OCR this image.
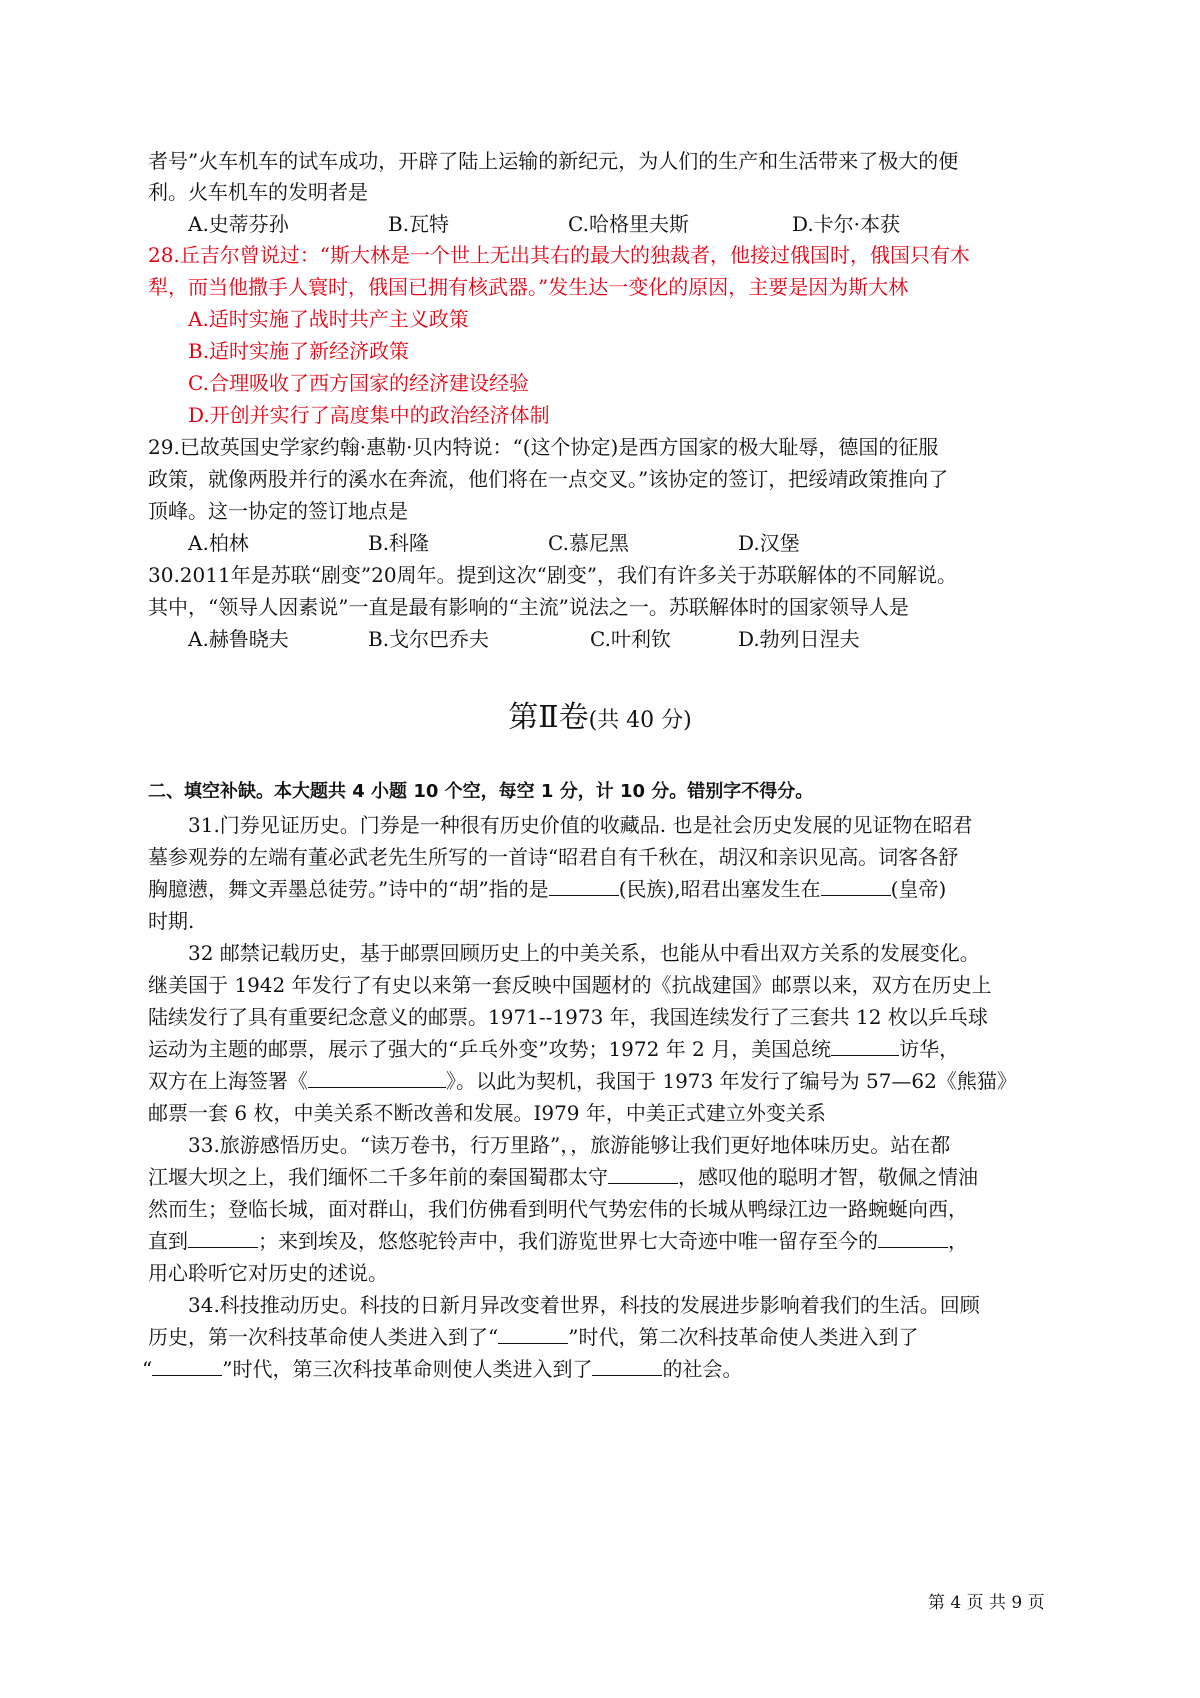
者号”火车机车的试车成功，开辟了陆上运输的新纪元，为人们的生产和生活带来了极大的便
利。火车机车的发明者是
A.史蒂芬孙	B.瓦特	C.哈格里夫斯	D.卡尔·本获
28.丘吉尔曾说过：“斯大林是一个世上无出其右的最大的独裁者，他接过俄国时，俄国只有木
犁，而当他撒手人寰时，俄国已拥有核武器。”发生达一变化的原因，主要是因为斯大林
A.适时实施了战时共产主义政策
B.适时实施了新经济政策
C.合理吸收了西方国家的经济建设经验
D.开创并实行了高度集中的政治经济体制
29.已故英国史学家约翰·惠勒·贝内特说：“(这个协定)是西方国家的极大耻辱，德国的征服
政策，就像两股并行的溪水在奔流，他们将在一点交叉。”该协定的签订，把绥靖政策推向了
顶峰。这一协定的签订地点是
A.柏林	B.科隆	C.慕尼黑	D.汉堡
30.2011年是苏联“剧变”20周年。提到这次“剧变”，我们有许多关于苏联解体的不同解说。
其中，“领导人因素说”一直是最有影响的“主流”说法之一。苏联解体时的国家领导人是
A.赫鲁晓夫	B.戈尔巴乔夫	C.叶利钦	D.勃列日涅夫
第Ⅱ卷(共 40 分)
二、填空补缺。本大题共 4 小题 10 个空，每空 1 分，计 10 分。错别字不得分。
31.门券见证历史。门券是一种很有历史价值的收藏品. 也是社会历史发展的见证物在昭君
墓参观券的左端有董必武老先生所写的一首诗“昭君自有千秋在，胡汉和亲识见高。词客各舒
胸臆懑，舞文弄墨总徒劳。”诗中的“胡”指的是	(民族),昭君出塞发生在	(皇帝)
时期.
32 邮禁记载历史，基于邮票回顾历史上的中美关系，也能从中看出双方关系的发展变化。
继美国于 1942 年发行了有史以来第一套反映中国题材的《抗战建国》邮票以来，双方在历史上
陆续发行了具有重要纪念意义的邮票。1971--1973 年，我国连续发行了三套共 12 枚以乒乓球
运动为主题的邮票，展示了强大的“乒乓外变”攻势；1972 年 2 月，美国总统	访华，
双方在上海签署《	》。以此为契机，我国于 1973 年发行了编号为 57—62《熊猫》
邮票一套 6 枚，中美关系不断改善和发展。I979 年，中美正式建立外变关系
33.旅游感悟历史。“读万卷书，行万里路”，，旅游能够让我们更好地体味历史。站在都
江堰大坝之上，我们缅怀二千多年前的秦国蜀郡太守	，感叹他的聪明才智，敬佩之情油
然而生；登临长城，面对群山，我们仿佛看到明代气势宏伟的长城从鸭绿江边一路蜿蜒向西，
直到	；来到埃及，悠悠驼铃声中，我们游览世界七大奇迹中唯一留存至今的	，
用心聆听它对历史的述说。
34.科技推动历史。科技的日新月异改变着世界，科技的发展进步影响着我们的生活。回顾
历史，第一次科技革命使人类进入到了“	”时代，第二次科技革命使人类进入到了
“	”时代，第三次科技革命则使人类进入到了	的社会。
第 4 页 共 9 页
